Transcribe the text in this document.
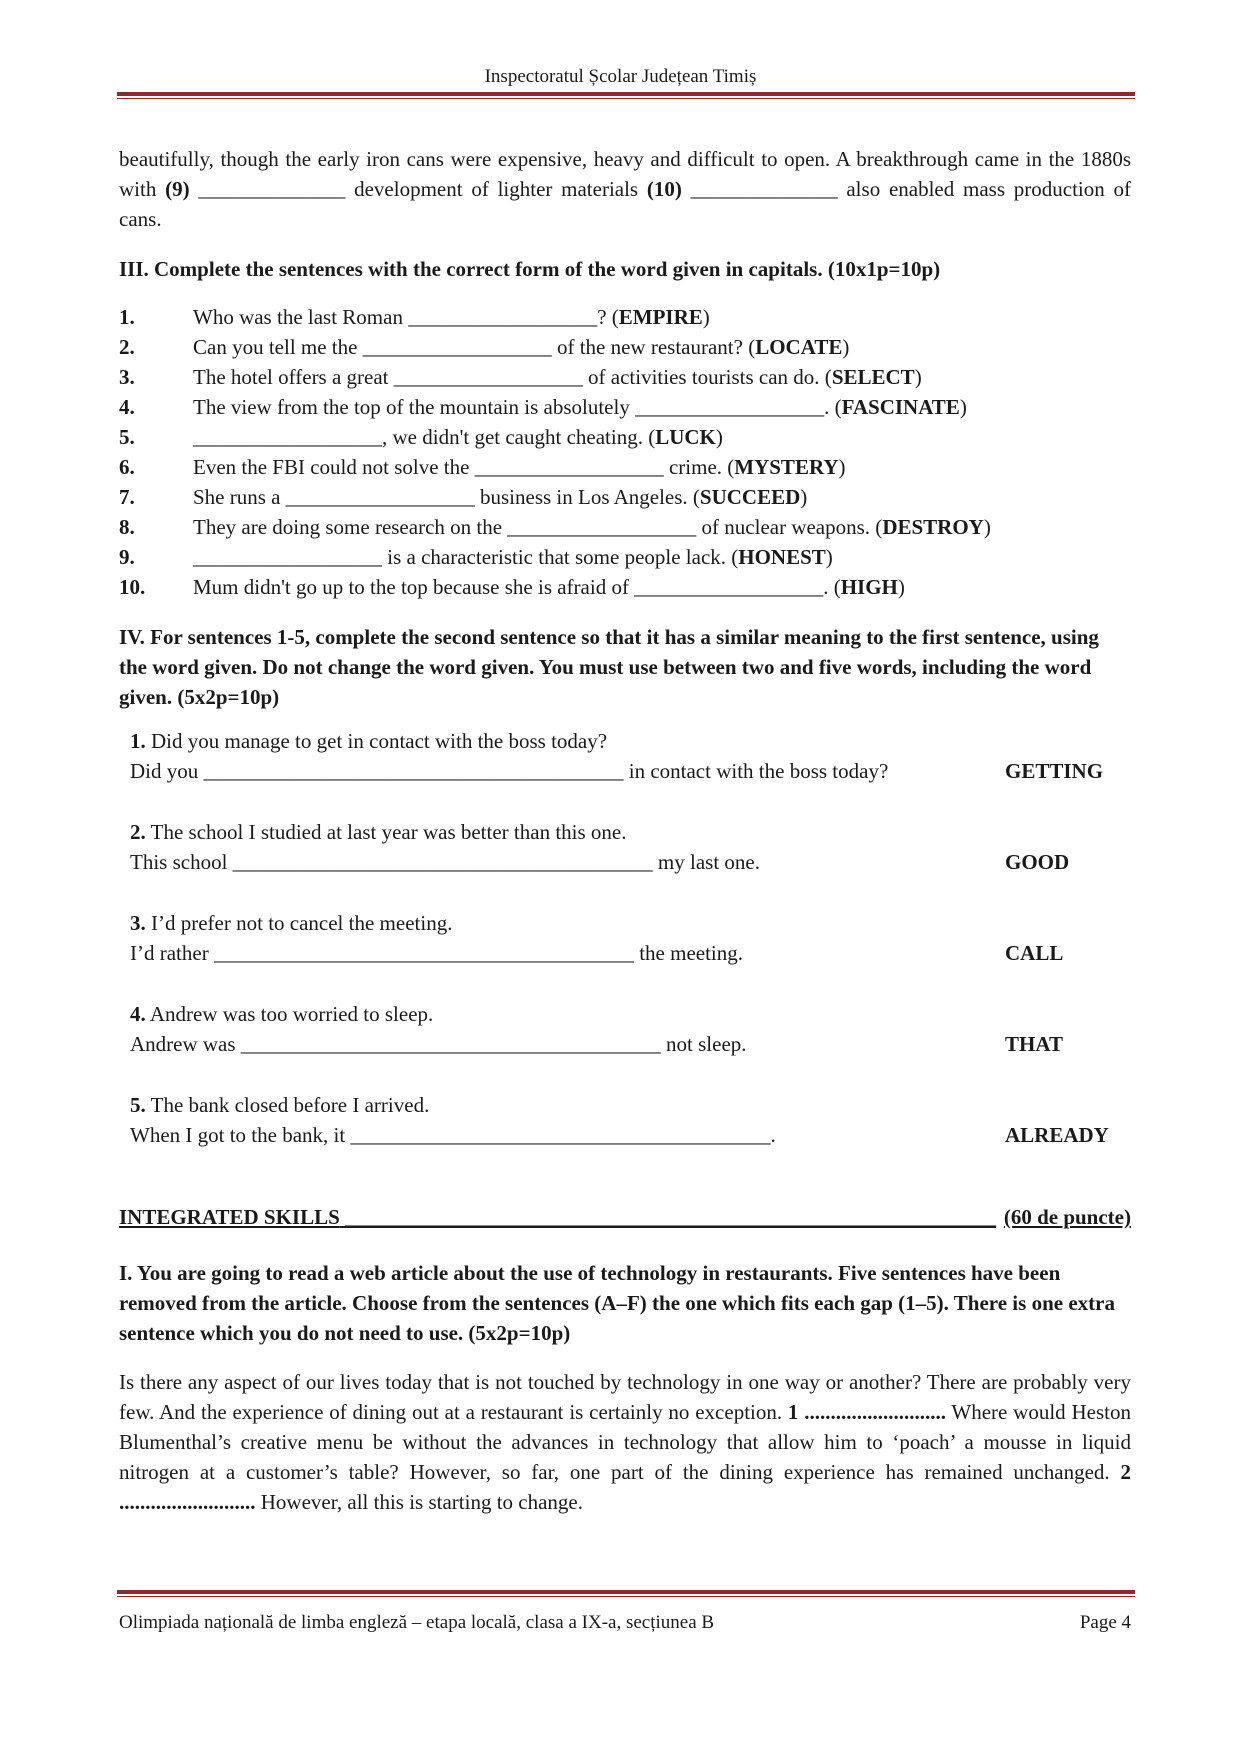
Inspectoratul Școlar Județean Timiș

beautifully, though the early iron cans were expensive, heavy and difficult to open. A breakthrough came in the 1880s with (9) ______________ development of lighter materials (10) ______________ also enabled mass production of cans.

III. Complete the sentences with the correct form of the word given in capitals. (10x1p=10p)

1.	Who was the last Roman __________________? (EMPIRE)
2.	Can you tell me the __________________ of the new restaurant? (LOCATE)
3.	The hotel offers a great __________________ of activities tourists can do. (SELECT)
4.	The view from the top of the mountain is absolutely __________________. (FASCINATE)
5.	__________________, we didn't get caught cheating. (LUCK)
6.	Even the FBI could not solve the __________________ crime. (MYSTERY)
7.	She runs a __________________ business in Los Angeles. (SUCCEED)
8.	They are doing some research on the __________________ of nuclear weapons. (DESTROY)
9.	__________________ is a characteristic that some people lack. (HONEST)
10.	Mum didn't go up to the top because she is afraid of __________________. (HIGH)

IV. For sentences 1-5, complete the second sentence so that it has a similar meaning to the first sentence, using the word given. Do not change the word given. You must use between two and five words, including the word given. (5x2p=10p)

1. Did you manage to get in contact with the boss today?
Did you ________________________________________ in contact with the boss today?	GETTING
2. The school I studied at last year was better than this one.
This school ________________________________________ my last one.	GOOD
3. I’d prefer not to cancel the meeting.
I’d rather ________________________________________ the meeting.	CALL
4. Andrew was too worried to sleep.
Andrew was ________________________________________ not sleep.	THAT
5. The bank closed before I arrived.
When I got to the bank, it ________________________________________.	ALREADY
INTEGRATED SKILLS ______________________________________________________________ (60 de puncte)

I. You are going to read a web article about the use of technology in restaurants. Five sentences have been removed from the article. Choose from the sentences (A–F) the one which fits each gap (1–5). There is one extra sentence which you do not need to use. (5x2p=10p)

Is there any aspect of our lives today that is not touched by technology in one way or another? There are probably very few. And the experience of dining out at a restaurant is certainly no exception. 1 ........................... Where would Heston Blumenthal’s creative menu be without the advances in technology that allow him to ‘poach’ a mousse in liquid nitrogen at a customer’s table? However, so far, one part of the dining experience has remained unchanged. 2 .......................... However, all this is starting to change.

Olimpiada națională de limba engleză – etapa locală, clasa a IX-a, secțiunea B	Page 4
